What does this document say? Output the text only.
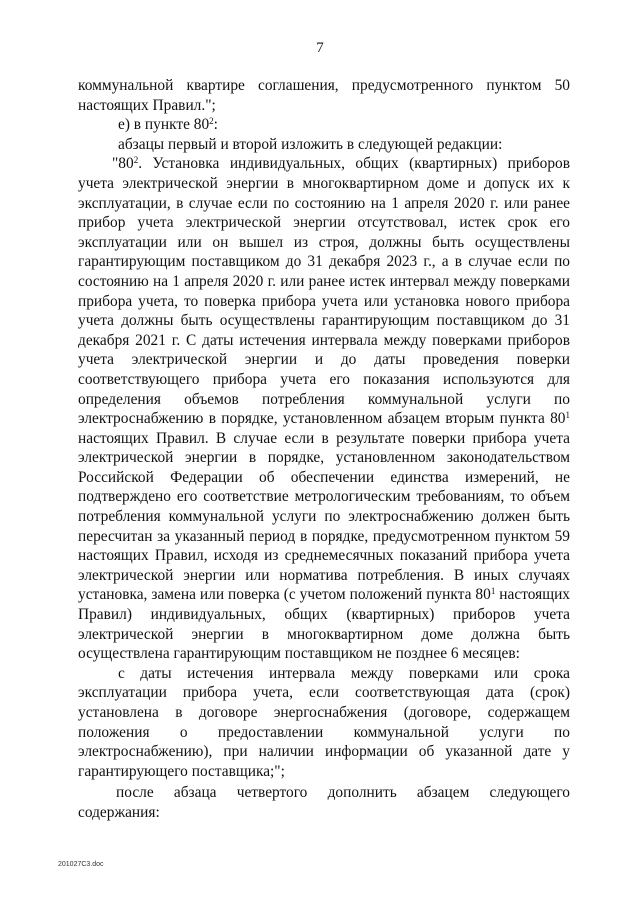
7

коммунальной квартире соглашения, предусмотренного пунктом 50 настоящих Правил.";

е) в пункте $80^2$:

абзацы первый и второй изложить в следующей редакции:

"$80^2$. Установка индивидуальных, общих (квартирных) приборов учета электрической энергии в многоквартирном доме и допуск их к эксплуатации, в случае если по состоянию на 1 апреля 2020 г. или ранее прибор учета электрической энергии отсутствовал, истек срок его эксплуатации или он вышел из строя, должны быть осуществлены гарантирующим поставщиком до 31 декабря 2023 г., а в случае если по состоянию на 1 апреля 2020 г. или ранее истек интервал между поверками прибора учета, то поверка прибора учета или установка нового прибора учета должны быть осуществлены гарантирующим поставщиком до 31 декабря 2021 г. С даты истечения интервала между поверками приборов учета электрической энергии и до даты проведения поверки соответствующего прибора учета его показания используются для определения объемов потребления коммунальной услуги по электроснабжению в порядке, установленном абзацем вторым пункта $80^1$ настоящих Правил. В случае если в результате поверки прибора учета электрической энергии в порядке, установленном законодательством Российской Федерации об обеспечении единства измерений, не подтверждено его соответствие метрологическим требованиям, то объем потребления коммунальной услуги по электроснабжению должен быть пересчитан за указанный период в порядке, предусмотренном пунктом 59 настоящих Правил, исходя из среднемесячных показаний прибора учета электрической энергии или норматива потребления. В иных случаях установка, замена или поверка (с учетом положений пункта $80^1$ настоящих Правил) индивидуальных, общих (квартирных) приборов учета электрической энергии в многоквартирном доме должна быть осуществлена гарантирующим поставщиком не позднее 6 месяцев:

с даты истечения интервала между поверками или срока эксплуатации прибора учета, если соответствующая дата (срок) установлена в договоре энергоснабжения (договоре, содержащем положения о предоставлении коммунальной услуги по электроснабжению), при наличии информации об указанной дате у гарантирующего поставщика;";

после абзаца четвертого дополнить абзацем следующего содержания:

201027С3.doc
